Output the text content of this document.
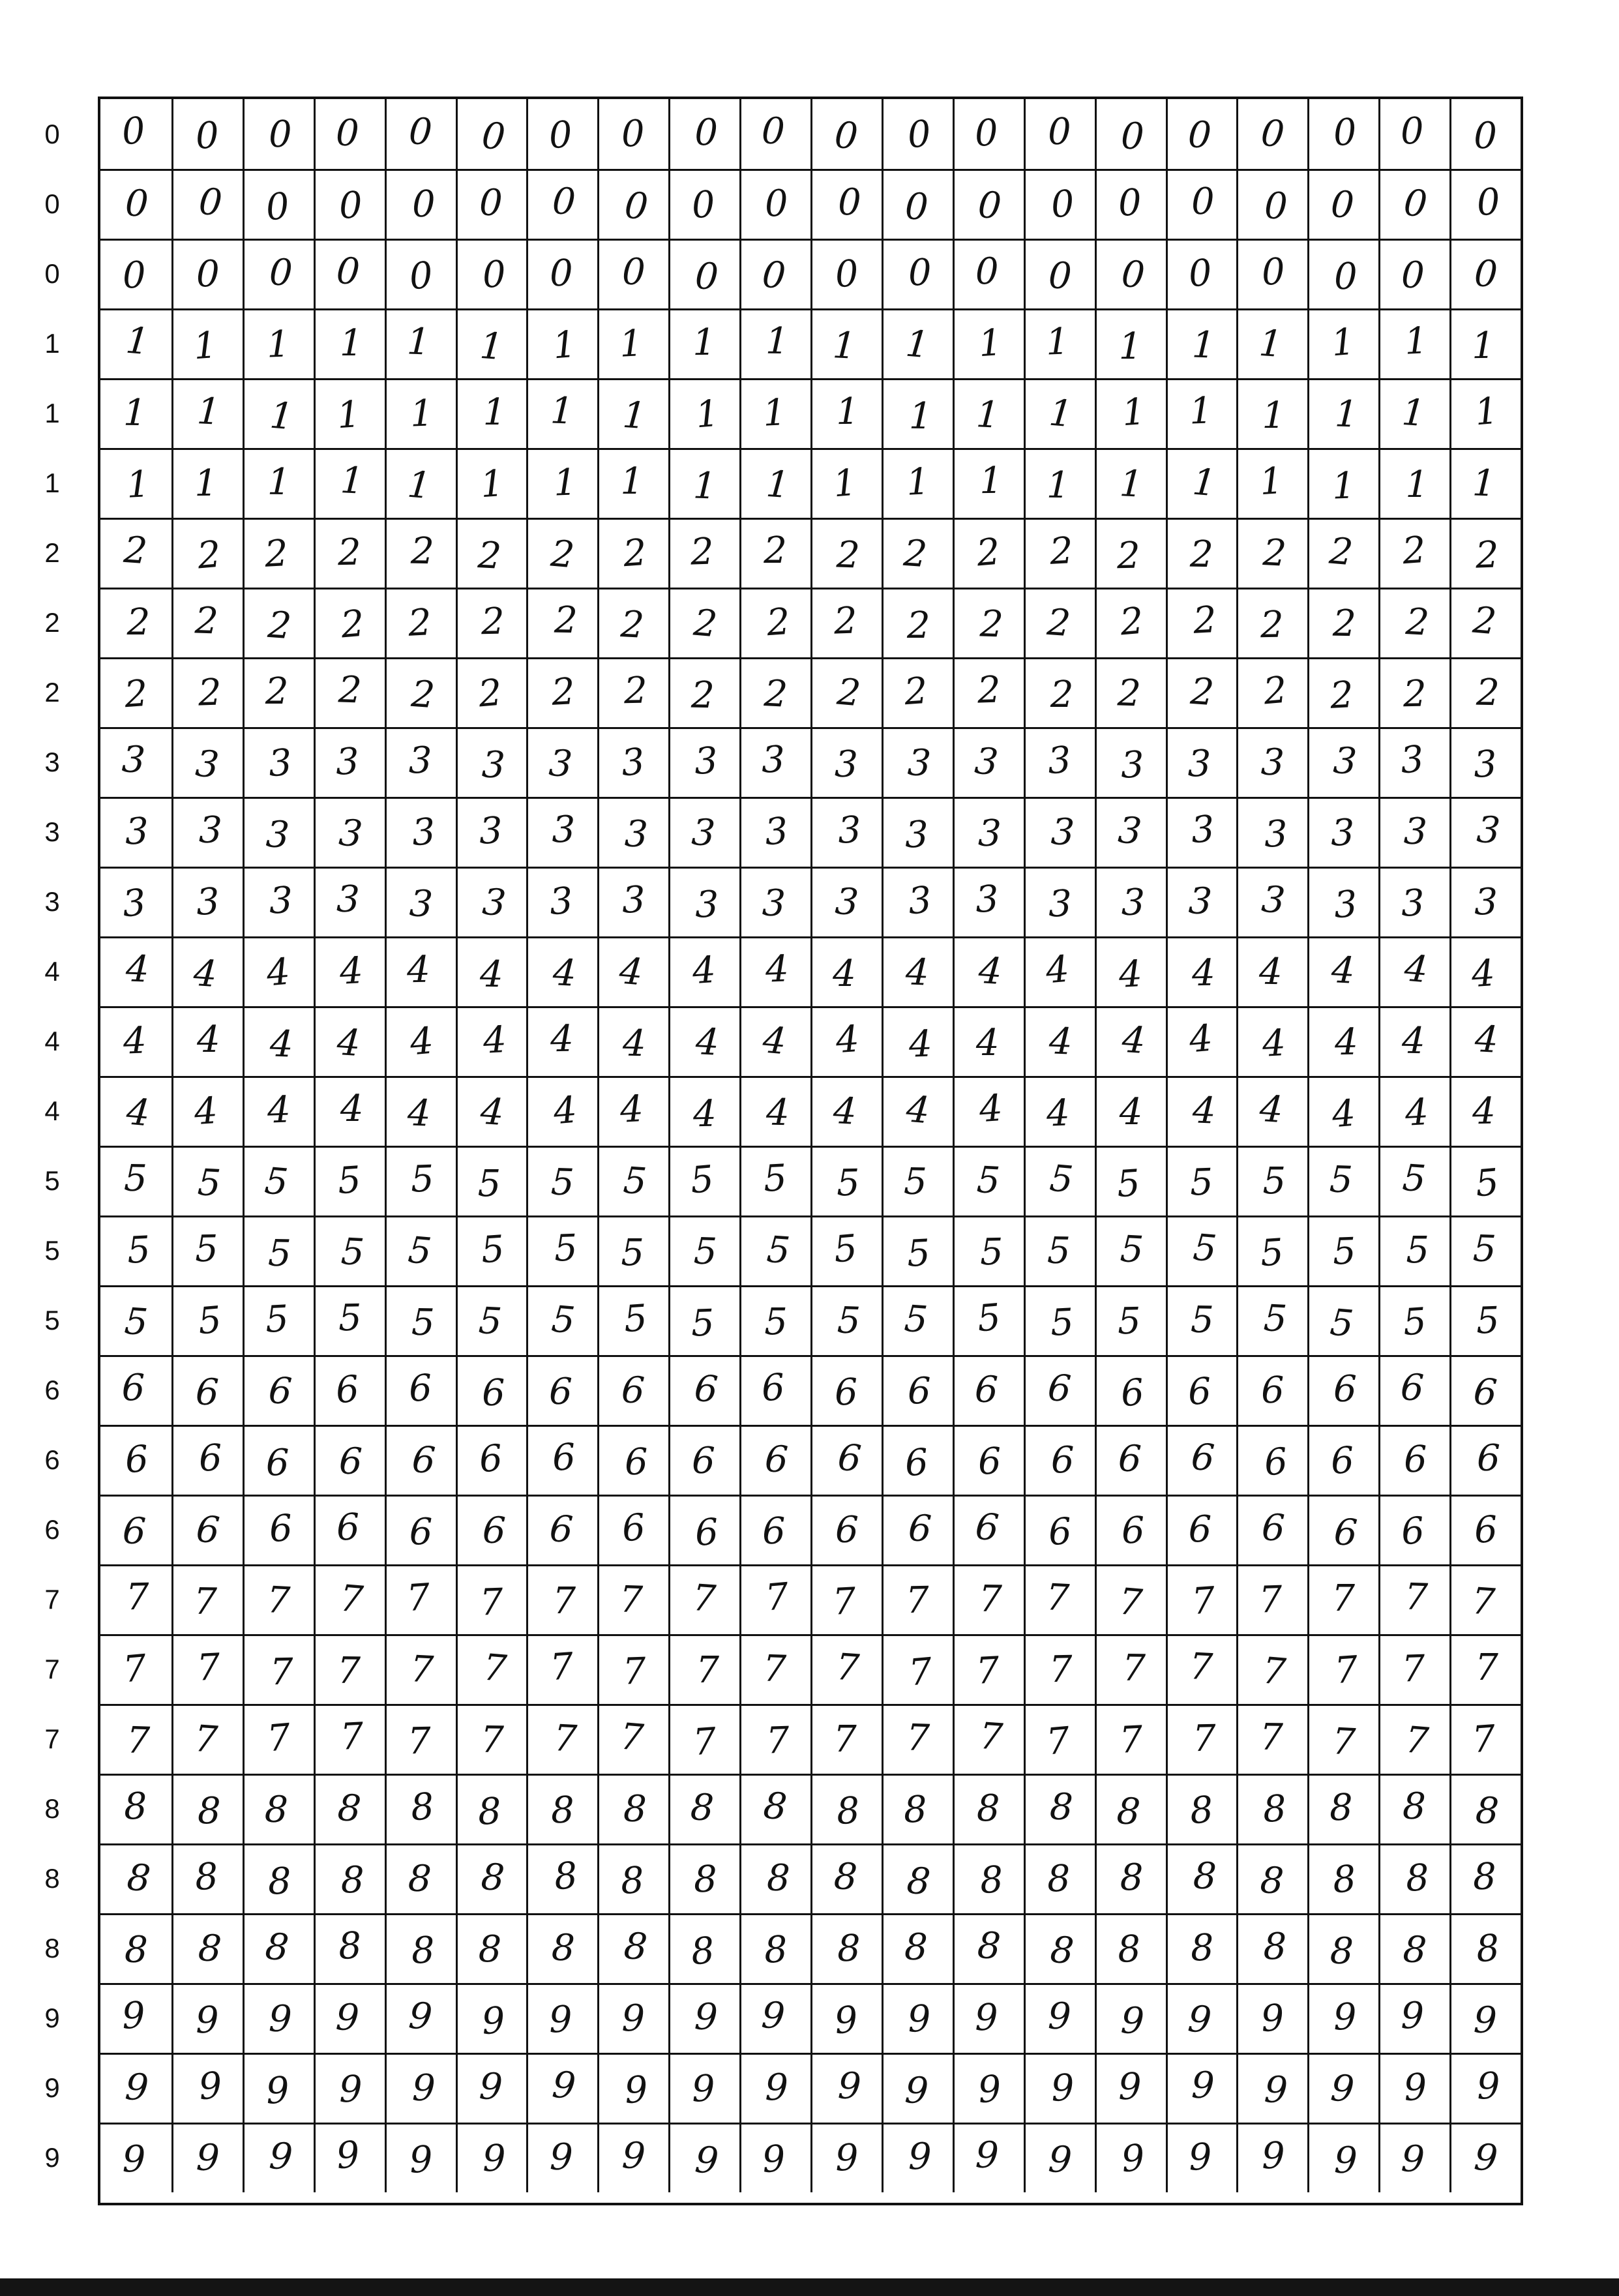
0
0
0
1
1
1
2
2
2
3
3
3
4
4
4
5
5
5
6
6
6
7
7
7
8
8
8
9
9
9
0 0 0 0 0 0 0 0 0 0 0 0 0 0 0 0 0 0 0 0
0 0 0 0 0 0 0 0 0 0 0 0 0 0 0 0 0 0 0 0
0 0 0 0 0 0 0 0 0 0 0 0 0 0 0 0 0 0 0 0
1 1 1 1 1 1 1 1 1 1 1 1 1 1 1 1 1 1 1 1
1 1 1 1 1 1 1 1 1 1 1 1 1 1 1 1 1 1 1 1
1 1 1 1 1 1 1 1 1 1 1 1 1 1 1 1 1 1 1 1
2 2 2 2 2 2 2 2 2 2 2 2 2 2 2 2 2 2 2 2
2 2 2 2 2 2 2 2 2 2 2 2 2 2 2 2 2 2 2 2
2 2 2 2 2 2 2 2 2 2 2 2 2 2 2 2 2 2 2 2
3 3 3 3 3 3 3 3 3 3 3 3 3 3 3 3 3 3 3 3
3 3 3 3 3 3 3 3 3 3 3 3 3 3 3 3 3 3 3 3
3 3 3 3 3 3 3 3 3 3 3 3 3 3 3 3 3 3 3 3
4 4 4 4 4 4 4 4 4 4 4 4 4 4 4 4 4 4 4 4
4 4 4 4 4 4 4 4 4 4 4 4 4 4 4 4 4 4 4 4
4 4 4 4 4 4 4 4 4 4 4 4 4 4 4 4 4 4 4 4
5 5 5 5 5 5 5 5 5 5 5 5 5 5 5 5 5 5 5 5
5 5 5 5 5 5 5 5 5 5 5 5 5 5 5 5 5 5 5 5
5 5 5 5 5 5 5 5 5 5 5 5 5 5 5 5 5 5 5 5
6 6 6 6 6 6 6 6 6 6 6 6 6 6 6 6 6 6 6 6
6 6 6 6 6 6 6 6 6 6 6 6 6 6 6 6 6 6 6 6
6 6 6 6 6 6 6 6 6 6 6 6 6 6 6 6 6 6 6 6
7 7 7 7 7 7 7 7 7 7 7 7 7 7 7 7 7 7 7 7
7 7 7 7 7 7 7 7 7 7 7 7 7 7 7 7 7 7 7 7
7 7 7 7 7 7 7 7 7 7 7 7 7 7 7 7 7 7 7 7
8 8 8 8 8 8 8 8 8 8 8 8 8 8 8 8 8 8 8 8
8 8 8 8 8 8 8 8 8 8 8 8 8 8 8 8 8 8 8 8
8 8 8 8 8 8 8 8 8 8 8 8 8 8 8 8 8 8 8 8
9 9 9 9 9 9 9 9 9 9 9 9 9 9 9 9 9 9 9 9
9 9 9 9 9 9 9 9 9 9 9 9 9 9 9 9 9 9 9 9
9 9 9 9 9 9 9 9 9 9 9 9 9 9 9 9 9 9 9 9
